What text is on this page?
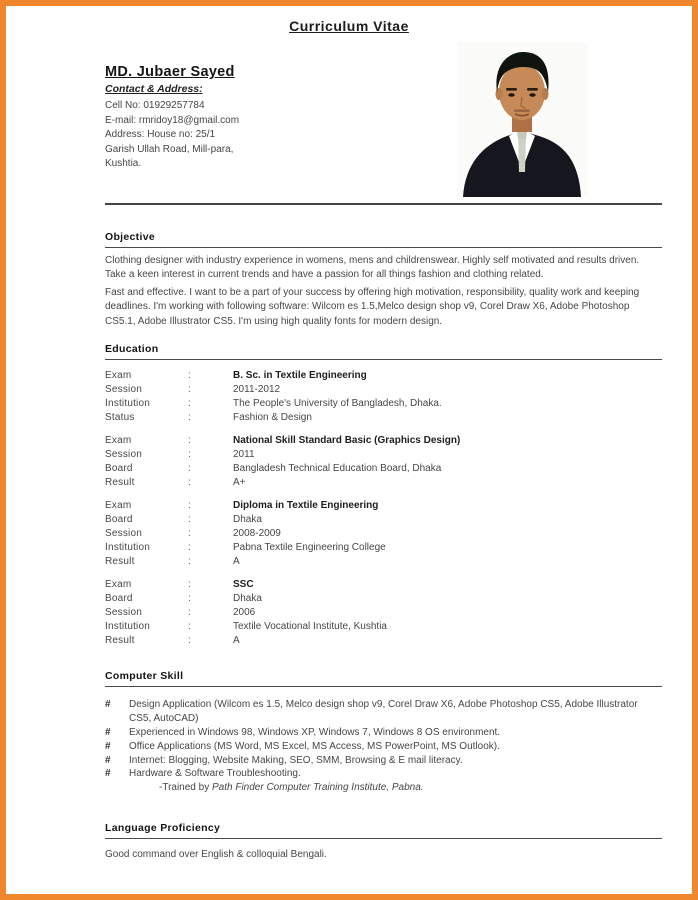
Curriculum Vitae
MD. Jubaer Sayed
Contact & Address:
Cell No: 01929257784
E-mail: rmridoy18@gmail.com
Address: House no: 25/1
Garish Ullah Road, Mill-para,
Kushtia.
Objective
Clothing designer with industry experience in womens, mens and childrenswear. Highly self motivated and results driven. Take a keen interest in current trends and have a passion for all things fashion and clothing related.
Fast and effective. I want to be a part of your success by offering high motivation, responsibility, quality work and keeping deadlines. I'm working with following software: Wilcom es 1.5,Melco design shop v9, Corel Draw X6, Adobe Photoshop CS5.1, Adobe Illustrator CS5. I'm using high quality fonts for modern design.
Education
Exam	:	B. Sc. in Textile Engineering
Session	:	2011-2012
Institution	:	The People's University of Bangladesh, Dhaka.
Status	:	Fashion & Design
Exam	:	National Skill Standard Basic (Graphics Design)
Session	:	2011
Board	:	Bangladesh Technical Education Board, Dhaka
Result	:	A+
Exam	:	Diploma in Textile Engineering
Board	:	Dhaka
Session	:	2008-2009
Institution	:	Pabna Textile Engineering College
Result	:	A
Exam	:	SSC
Board	:	Dhaka
Session	:	2006
Institution	:	Textile Vocational Institute, Kushtia
Result	:	A
Computer Skill
#	Design Application (Wilcom es 1.5, Melco design shop v9, Corel Draw X6, Adobe Photoshop CS5, Adobe Illustrator CS5, AutoCAD)
#	Experienced in Windows 98, Windows XP, Windows 7, Windows 8 OS environment.
#	Office Applications (MS Word, MS Excel, MS Access, MS PowerPoint, MS Outlook).
#	Internet: Blogging, Website Making, SEO, SMM, Browsing & E mail literacy.
#	Hardware & Software Troubleshooting.
-Trained by Path Finder Computer Training Institute, Pabna.
Language Proficiency
Good command over English & colloquial Bengali.
